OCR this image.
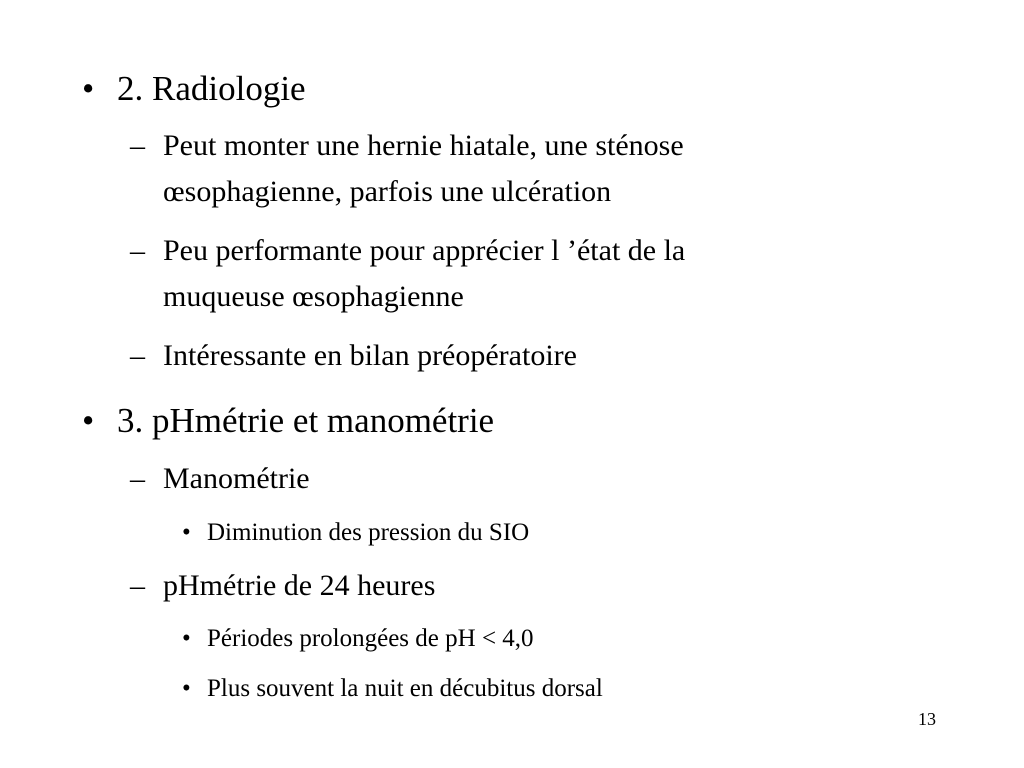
• 2. Radiologie
– Peut monter une hernie hiatale, une sténose
œsophagienne, parfois une ulcération
– Peu performante pour apprécier l ’état de la
muqueuse œsophagienne
– Intéressante en bilan préopératoire
• 3. pHmétrie et manométrie
– Manométrie
• Diminution des pression du SIO
– pHmétrie de 24 heures
• Périodes prolongées de pH < 4,0
• Plus souvent la nuit en décubitus dorsal
13
